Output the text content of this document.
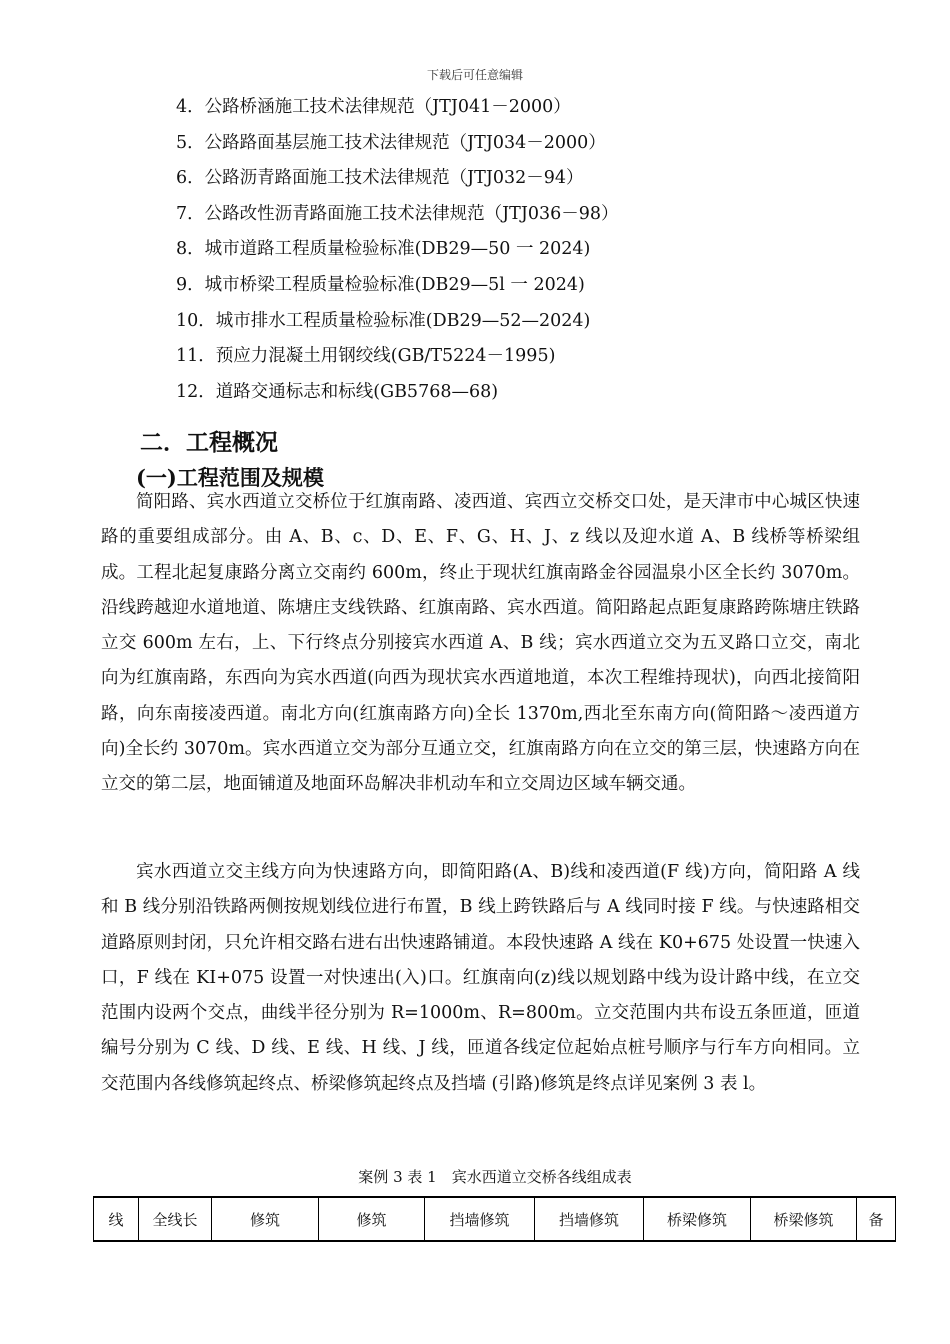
下载后可任意编辑
4．公路桥涵施工技术法律规范（JTJ041－2000）
5．公路路面基层施工技术法律规范（JTJ034－2000）
6．公路沥青路面施工技术法律规范（JTJ032－94）
7．公路改性沥青路面施工技术法律规范（JTJ036－98）
8．城市道路工程质量检验标准(DB29—50 一 2024)
9．城市桥梁工程质量检验标准(DB29—5l 一 2024)
10．城市排水工程质量检验标准(DB29—52—2024)
11．预应力混凝土用钢绞线(GB/T5224－1995)
12．道路交通标志和标线(GB5768—68)
二．工程概况
(一)工程范围及规模

简阳路、宾水西道立交桥位于红旗南路、凌西道、宾西立交桥交口处，是天津市中心城区快速路的重要组成部分。由 A、B、c、D、E、F、G、H、J、z 线以及迎水道 A、B 线桥等桥梁组成。工程北起复康路分离立交南约 600m，终止于现状红旗南路金谷园温泉小区全长约 3070m。沿线跨越迎水道地道、陈塘庄支线铁路、红旗南路、宾水西道。简阳路起点距复康路跨陈塘庄铁路立交 600m 左右，上、下行终点分别接宾水西道 A、B 线；宾水西道立交为五叉路口立交，南北向为红旗南路，东西向为宾水西道(向西为现状宾水西道地道，本次工程维持现状)，向西北接简阳路，向东南接凌西道。南北方向(红旗南路方向)全长 1370m,西北至东南方向(简阳路～凌西道方向)全长约 3070m。宾水西道立交为部分互通立交，红旗南路方向在立交的第三层，快速路方向在立交的第二层，地面铺道及地面环岛解决非机动车和立交周边区域车辆交通。

宾水西道立交主线方向为快速路方向，即简阳路(A、B)线和凌西道(F 线)方向，简阳路 A 线和 B 线分别沿铁路两侧按规划线位进行布置，B 线上跨铁路后与 A 线同时接 F 线。与快速路相交道路原则封闭，只允许相交路右进右出快速路铺道。本段快速路 A 线在 K0+675 处设置一快速入口，F 线在 KI+075 设置一对快速出(入)口。红旗南向(z)线以规划路中线为设计路中线，在立交范围内设两个交点，曲线半径分别为 R=1000m、R=800m。立交范围内共布设五条匝道，匝道编号分别为 C 线、D 线、E 线、H 线、J 线，匝道各线定位起始点桩号顺序与行车方向相同。立交范围内各线修筑起终点、桥梁修筑起终点及挡墙 (引路)修筑是终点详见案例 3 表 l。

案例 3 表 1　宾水西道立交桥各线组成表
线	全线长	修筑	修筑	挡墙修筑	挡墙修筑	桥梁修筑	桥梁修筑	备
